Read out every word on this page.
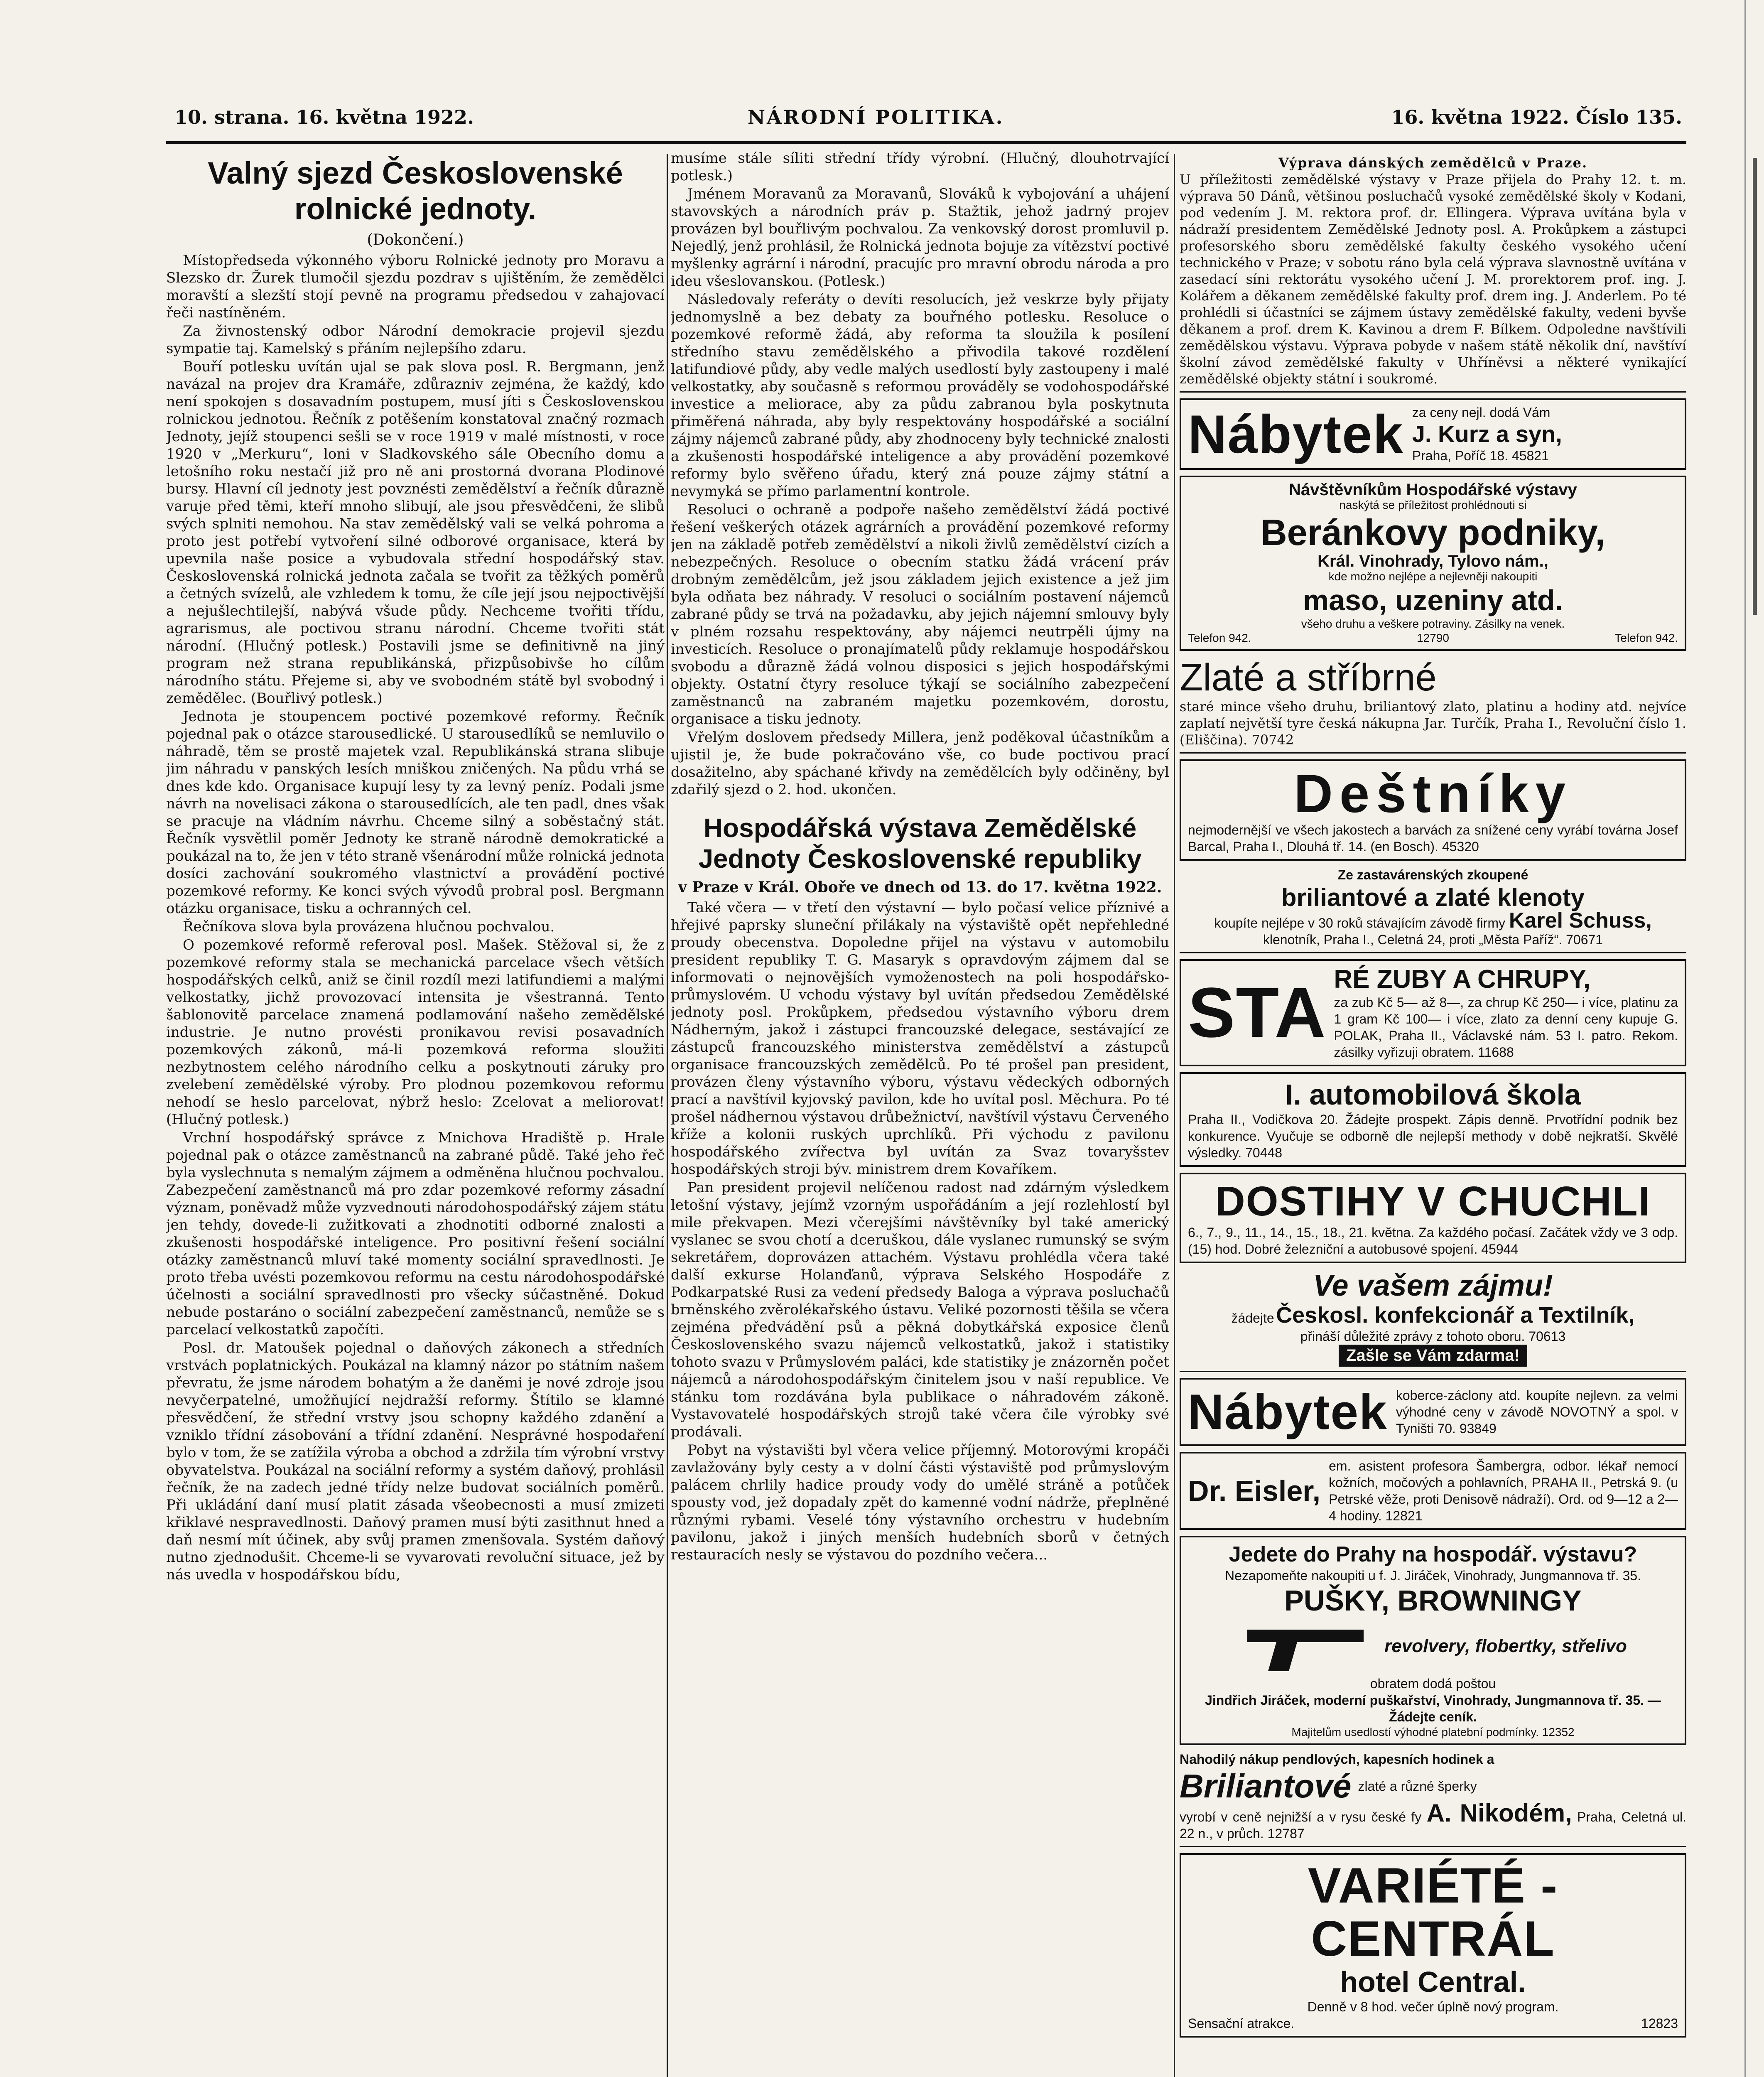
10. strana. 16. května 1922.	NÁRODNÍ POLITIKA.	16. května 1922. Číslo 135.
Valný sjezd Československé rolnické jednoty.

(Dokončení.)

Místopředseda výkonného výboru Rolnické jednoty pro Moravu a Slezsko dr. Žurek tlumočil sjezdu pozdrav s ujištěním, že zemědělci moravští a slezští stojí pevně na programu předsedou v zahajovací řeči nastíněném.

Za živnostenský odbor Národní demokracie projevil sjezdu sympatie taj. Kamelský s přáním nejlepšího zdaru.

Bouří potlesku uvítán ujal se pak slova posl. R. Bergmann, jenž navázal na projev dra Kramáře, zdůrazniv zejména, že každý, kdo není spokojen s dosavadním postupem, musí jíti s Československou rolnickou jednotou. Řečník z potěšením konstatoval značný rozmach Jednoty, jejíž stoupenci sešli se v roce 1919 v malé místnosti, v roce 1920 v „Merkuru“, loni v Sladkovského sále Obecního domu a letošního roku nestačí již pro ně ani prostorná dvorana Plodinové bursy. Hlavní cíl jednoty jest povznésti zemědělství a řečník důrazně varuje před těmi, kteří mnoho slibují, ale jsou přesvědčeni, že slibů svých splniti nemohou. Na stav zemědělský vali se velká pohroma a proto jest potřebí vytvoření silné odborové organisace, která by upevnila naše posice a vybudovala střední hospodářský stav. Československá rolnická jednota začala se tvořit za těžkých poměrů a četných svízelů, ale vzhledem k tomu, že cíle její jsou nejpoctivější a nejušlechtilejší, nabývá všude půdy. Nechceme tvořiti třídu, agrarismus, ale poctivou stranu národní. Chceme tvořiti stát národní. (Hlučný potlesk.) Postavili jsme se definitivně na jiný program než strana republikánská, přizpůsobivše ho cílům národního státu. Přejeme si, aby ve svobodném státě byl svobodný i zemědělec. (Bouřlivý potlesk.)

Jednota je stoupencem poctivé pozemkové reformy. Řečník pojednal pak o otázce starousedlické. U starousedlíků se nemluvilo o náhradě, těm se prostě majetek vzal. Republikánská strana slibuje jim náhradu v panských lesích mniškou zničených. Na půdu vrhá se dnes kde kdo. Organisace kupují lesy ty za levný peníz. Podali jsme návrh na novelisaci zákona o starousedlících, ale ten padl, dnes však se pracuje na vládním návrhu. Chceme silný a soběstačný stát. Řečník vysvětlil poměr Jednoty ke straně národně demokratické a poukázal na to, že jen v této straně všenárodní může rolnická jednota dosíci zachování soukromého vlastnictví a provádění poctivé pozemkové reformy. Ke konci svých vývodů probral posl. Bergmann otázku organisace, tisku a ochranných cel.

Řečníkova slova byla provázena hlučnou pochvalou.

O pozemkové reformě referoval posl. Mašek. Stěžoval si, že z pozemkové reformy stala se mechanická parcelace všech větších hospodářských celků, aniž se činil rozdíl mezi latifundiemi a malými velkostatky, jichž provozovací intensita je všestranná. Tento šablonovitě parcelace znamená podlamování našeho zemědělské industrie. Je nutno provésti pronikavou revisi posavadních pozemkových zákonů, má-li pozemková reforma sloužiti nezbytnostem celého národního celku a poskytnouti záruky pro zvelebení zemědělské výroby. Pro plodnou pozemkovou reformu nehodí se heslo parcelovat, nýbrž heslo: Zcelovat a meliorovat! (Hlučný potlesk.)

Vrchní hospodářský správce z Mnichova Hradiště p. Hrale pojednal pak o otázce zaměstnanců na zabrané půdě. Také jeho řeč byla vyslechnuta s nemalým zájmem a odměněna hlučnou pochvalou. Zabezpečení zaměstnanců má pro zdar pozemkové reformy zásadní význam, poněvadž může vyzvednouti národohospodářský zájem státu jen tehdy, dovede-li zužitkovati a zhodnotiti odborné znalosti a zkušenosti hospodářské inteligence. Pro positivní řešení sociální otázky zaměstnanců mluví také momenty sociální spravedlnosti. Je proto třeba uvésti pozemkovou reformu na cestu národohospodářské účelnosti a sociální spravedlnosti pro všecky súčastněné. Dokud nebude postaráno o sociální zabezpečení zaměstnanců, nemůže se s parcelací velkostatků započíti.

Posl. dr. Matoušek pojednal o daňových zákonech a středních vrstvách poplatnických. Poukázal na klamný názor po státním našem převratu, že jsme národem bohatým a že daněmi je nové zdroje jsou nevyčerpatelné, umožňující nejdražší reformy. Štítilo se klamné přesvědčení, že střední vrstvy jsou schopny každého zdanění a vzniklo třídní zásobování a třídní zdanění. Nesprávné hospodaření bylo v tom, že se zatížila výroba a obchod a zdržila tím výrobní vrstvy obyvatelstva. Poukázal na sociální reformy a systém daňový, prohlásil řečník, že na zadech jedné třídy nelze budovat sociálních poměrů. Při ukládání daní musí platit zásada všeobecnosti a musí zmizeti křiklavé nespravedlnosti. Daňový pramen musí býti zasithnut hned a daň nesmí mít účinek, aby svůj pramen zmenšovala. Systém daňový nutno zjednodušit. Chceme-li se vyvarovati revoluční situace, jež by nás uvedla v hospodářskou bídu,

musíme stále síliti střední třídy výrobní. (Hlučný, dlouhotrvající potlesk.)

Jménem Moravanů za Moravanů, Slováků k vybojování a uhájení stavovských a národních práv p. Stažtik, jehož jadrný projev provázen byl bouřlivým pochvalou. Za venkovský dorost promluvil p. Nejedlý, jenž prohlásil, že Rolnická jednota bojuje za vítězství poctivé myšlenky agrární i národní, pracujíc pro mravní obrodu národa a pro ideu všeslovanskou. (Potlesk.)

Následovaly referáty o devíti resolucích, jež veskrze byly přijaty jednomyslně a bez debaty za bouřného potlesku. Resoluce o pozemkové reformě žádá, aby reforma ta sloužila k posílení středního stavu zemědělského a přivodila takové rozdělení latifundiové půdy, aby vedle malých usedlostí byly zastoupeny i malé velkostatky, aby současně s reformou prováděly se vodohospodářské investice a meliorace, aby za půdu zabranou byla poskytnuta přiměřená náhrada, aby byly respektovány hospodářské a sociální zájmy nájemců zabrané půdy, aby zhodnoceny byly technické znalosti a zkušenosti hospodářské inteligence a aby provádění pozemkové reformy bylo svěřeno úřadu, který zná pouze zájmy státní a nevymyká se přímo parlamentní kontrole.

Resoluci o ochraně a podpoře našeho zemědělství žádá poctivé řešení veškerých otázek agrárních a provádění pozemkové reformy jen na základě potřeb zemědělství a nikoli živlů zemědělství cizích a nebezpečných. Resoluce o obecním statku žádá vrácení práv drobným zemědělcům, jež jsou základem jejich existence a jež jim byla odňata bez náhrady. V resoluci o sociálním postavení nájemců zabrané půdy se trvá na požadavku, aby jejich nájemní smlouvy byly v plném rozsahu respektovány, aby nájemci neutrpěli újmy na investicích. Resoluce o pronajímatelů půdy reklamuje hospodářskou svobodu a důrazně žádá volnou disposici s jejich hospodářskými objekty. Ostatní čtyry resoluce týkají se sociálního zabezpečení zaměstnanců na zabraném majetku pozemkovém, dorostu, organisace a tisku jednoty.

Vřelým doslovem předsedy Millera, jenž poděkoval účastníkům a ujistil je, že bude pokračováno vše, co bude poctivou prací dosažitelno, aby spáchané křivdy na zemědělcích byly odčiněny, byl zdařilý sjezd o 2. hod. ukončen.

Hospodářská výstava Zemědělské Jednoty Československé republiky

v Praze v Král. Oboře ve dnech od 13. do 17. května 1922.

Také včera — v třetí den výstavní — bylo počasí velice příznivé a hřejivé paprsky sluneční přilákaly na výstaviště opět nepřehledné proudy obecenstva. Dopoledne přijel na výstavu v automobilu president republiky T. G. Masaryk s opravdovým zájmem dal se informovati o nejnovějších vymoženostech na poli hospodářsko-průmyslovém. U vchodu výstavy byl uvítán předsedou Zemědělské jednoty posl. Prokůpkem, předsedou výstavního výboru drem Nádherným, jakož i zástupci francouzské delegace, sestávající ze zástupců francouzského ministerstva zemědělství a zástupců organisace francouzských zemědělců. Po té prošel pan president, provázen členy výstavního výboru, výstavu vědeckých odborných prací a navštívil kyjovský pavilon, kde ho uvítal posl. Měchura. Po té prošel nádhernou výstavou drůbežnictví, navštívil výstavu Červeného kříže a kolonii ruských uprchlíků. Při východu z pavilonu hospodářského zvířectva byl uvítán za Svaz tovaryšstev hospodářských stroji býv. ministrem drem Kovaříkem.

Pan president projevil nelíčenou radost nad zdárným výsledkem letošní výstavy, jejímž vzorným uspořádáním a její rozlehlostí byl mile překvapen. Mezi včerejšími návštěvníky byl také americký vyslanec se svou chotí a dceruškou, dále vyslanec rumunský se svým sekretářem, doprovázen attachém. Výstavu prohlédla včera také další exkurse Holanďanů, výprava Selského Hospodáře z Podkarpatské Rusi za vedení předsedy Baloga a výprava posluchačů brněnského zvěrolékařského ústavu. Veliké pozornosti těšila se včera zejména předvádění psů a pěkná dobytkářská exposice členů Československého svazu nájemců velkostatků, jakož i statistiky tohoto svazu v Průmyslovém paláci, kde statistiky je znázorněn počet nájemců a národohospodářským činitelem jsou v naší republice. Ve stánku tom rozdávána byla publikace o náhradovém zákoně. Vystavovatelé hospodářských strojů také včera čile výrobky své prodávali.

Pobyt na výstavišti byl včera velice příjemný. Motorovými kropáči zavlažovány byly cesty a v dolní části výstaviště pod průmyslovým palácem chrlily hadice proudy vody do umělé stráně a potůček spousty vod, jež dopadaly zpět do kamenné vodní nádrže, přeplněné různými rybami. Veselé tóny výstavního orchestru v hudebním pavilonu, jakož i jiných menších hudebních sborů v četných restauracích nesly se výstavou do pozdního večera...

Výprava dánských zemědělců v Praze.

U příležitosti zemědělské výstavy v Praze přijela do Prahy 12. t. m. výprava 50 Dánů, většinou posluchačů vysoké zemědělské školy v Kodani, pod vedením J. M. rektora prof. dr. Ellingera. Výprava uvítána byla v nádraží presidentem Zemědělské Jednoty posl. A. Prokůpkem a zástupci profesorského sboru zemědělské fakulty českého vysokého učení technického v Praze; v sobotu ráno byla celá výprava slavnostně uvítána v zasedací síni rektorátu vysokého učení J. M. prorektorem prof. ing. J. Kolářem a děkanem zemědělské fakulty prof. drem ing. J. Anderlem. Po té prohlédli si účastníci se zájmem ústavy zemědělské fakulty, vedeni byvše děkanem a prof. drem K. Kavinou a drem F. Bílkem. Odpoledne navštívili zemědělskou výstavu. Výprava pobyde v našem státě několik dní, navštíví školní závod zemědělské fakulty v Uhříněvsi a některé vynikající zemědělské objekty státní i soukromé.

Nábytek za ceny nejl. dodá Vám
J. Kurz a syn,
Praha, Poříč 18. 45821
Návštěvníkům Hospodářské výstavy
naskýtá se příležitost prohlédnouti si
Beránkovy podniky,
Král. Vinohrady, Tylovo nám.,
kde možno nejlépe a nejlevněji nakoupiti
maso, uzeniny atd.
všeho druhu a veškere potraviny. Zásilky na venek.
Telefon 942.	12790	Telefon 942.
Zlaté a stříbrné

staré mince všeho druhu, briliantový zlato, platinu a hodiny atd. nejvíce zaplatí největší tyre česká nákupna Jar. Turčík, Praha I., Revoluční číslo 1. (Eliščina). 70742

Deštníky

nejmodernější ve všech jakostech a barvách za snížené ceny vyrábí továrna Josef Barcal, Praha I., Dlouhá tř. 14. (en Bosch). 45320

Ze zastavárenských zkoupené
briliantové a zlaté klenoty
koupíte nejlépe v 30 roků stávajícím závodě firmy Karel Schuss,
klenotník, Praha I., Celetná 24, proti „Města Paříž“. 70671
STA RÉ ZUBY A CHRUPY,

za zub Kč 5— až 8—, za chrup Kč 250— i více, platinu za 1 gram Kč 100— i více, zlato za denní ceny kupuje G. POLAK, Praha II., Václavské nám. 53 I. patro. Rekom. zásilky vyřizuji obratem. 11688

I. automobilová škola

Praha II., Vodičkova 20. Žádejte prospekt. Zápis denně. Prvotřídní podnik bez konkurence. Vyučuje se odborně dle nejlepší methody v době nejkratší. Skvělé výsledky. 70448

DOSTIHY V CHUCHLI

6., 7., 9., 11., 14., 15., 18., 21. května. Za každého počasí. Začátek vždy ve 3 odp. (15) hod. Dobré železniční a autobusové spojení. 45944

Ve vašem zájmu!
žádejte Českosl. konfekcionář a Textilník,
přináší důležité zprávy z tohoto oboru. 70613
Zašle se Vám zdarma!
Nábytek koberce-záclony atd. koupíte nejlevn. za velmi výhodné ceny v závodě NOVOTNÝ a spol. v Tyništi 70. 93849

Dr. Eisler,

em. asistent profesora Šambergra, odbor. lékař nemocí kožních, močových a pohlavních, PRAHA II., Petrská 9. (u Petrské věže, proti Denisově nádraží). Ord. od 9—12 a 2—4 hodiny. 12821

Jedete do Prahy na hospodář. výstavu?
Nezapomeňte nakoupiti u f. J. Jiráček, Vinohrady, Jungmannova tř. 35.
PUŠKY, BROWNINGY
revolvery, flobertky, střelivo
obratem dodá poštou
Jindřich Jiráček, moderní puškařství, Vinohrady, Jungmannova tř. 35. — Žádejte ceník.
Majitelům usedlostí výhodné platební podmínky. 12352
Nahodilý nákup pendlových, kapesních hodinek a
Briliantové zlaté a různé šperky
vyrobí v ceně nejnižší a v rysu české fy A. Nikodém, Praha, Celetná ul. 22 n., v průch. 12787
VARIÉTÉ - CENTRÁL
hotel Central.
Denně v 8 hod. večer úplně nový program.
Sensační atrakce.	12823
